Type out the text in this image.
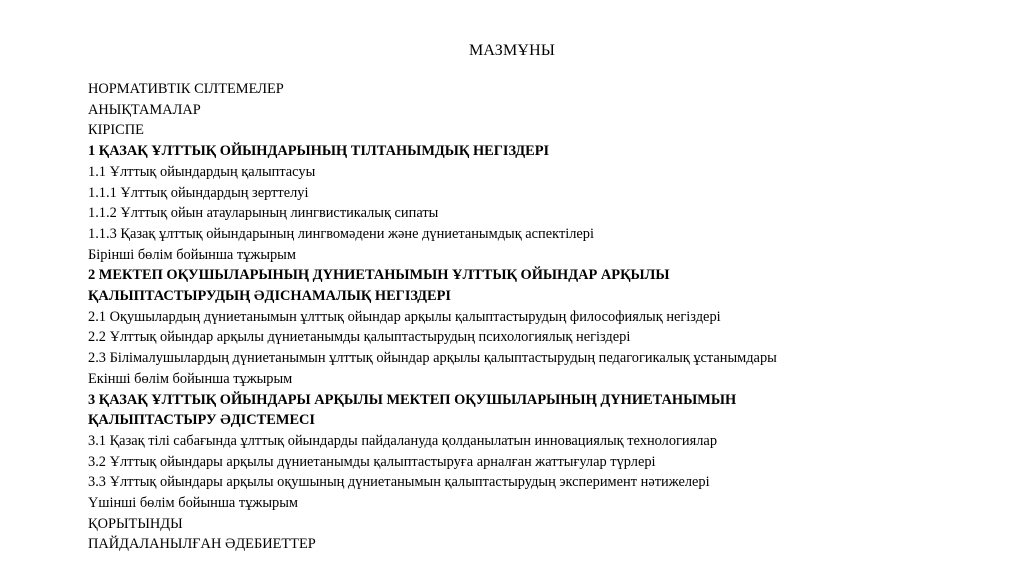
МАЗМҰНЫ
НОРМАТИВТІК СІЛТЕМЕЛЕР
АНЫҚТАМАЛАР
КІРІСПЕ
1 ҚАЗАҚ ҰЛТТЫҚ ОЙЫНДАРЫНЫҢ ТІЛТАНЫМДЫҚ НЕГІЗДЕРІ
1.1 Ұлттық ойындардың қалыптасуы
1.1.1 Ұлттық ойындардың зерттелуі
1.1.2 Ұлттық ойын атауларының лингвистикалық сипаты
1.1.3 Қазақ ұлттық ойындарының лингвомәдени және дүниетанымдық аспектілері
Бірінші бөлім бойынша тұжырым
2 МЕКТЕП ОҚУШЫЛАРЫНЫҢ ДҮНИЕТАНЫМЫН ҰЛТТЫҚ ОЙЫНДАР АРҚЫЛЫ
ҚАЛЫПТАСТЫРУДЫҢ ӘДІСНАМАЛЫҚ НЕГІЗДЕРІ
2.1 Оқушылардың дүниетанымын ұлттық ойындар арқылы қалыптастырудың философиялық негіздері
2.2 Ұлттық ойындар арқылы дүниетанымды қалыптастырудың психологиялық негіздері
2.3 Білімалушылардың дүниетанымын ұлттық ойындар арқылы қалыптастырудың педагогикалық ұстанымдары
Екінші бөлім бойынша тұжырым
3 ҚАЗАҚ ҰЛТТЫҚ ОЙЫНДАРЫ АРҚЫЛЫ МЕКТЕП ОҚУШЫЛАРЫНЫҢ ДҮНИЕТАНЫМЫН
ҚАЛЫПТАСТЫРУ ӘДІСТЕМЕСІ
3.1 Қазақ тілі сабағында ұлттық ойындарды пайдалануда қолданылатын инновациялық технологиялар
3.2 Ұлттық ойындары арқылы дүниетанымды қалыптастыруға арналған жаттығулар түрлері
3.3 Ұлттық ойындары арқылы оқушының дүниетанымын қалыптастырудың эксперимент нәтижелері
Үшінші бөлім бойынша тұжырым
ҚОРЫТЫНДЫ
ПАЙДАЛАНЫЛҒАН ӘДЕБИЕТТЕР
